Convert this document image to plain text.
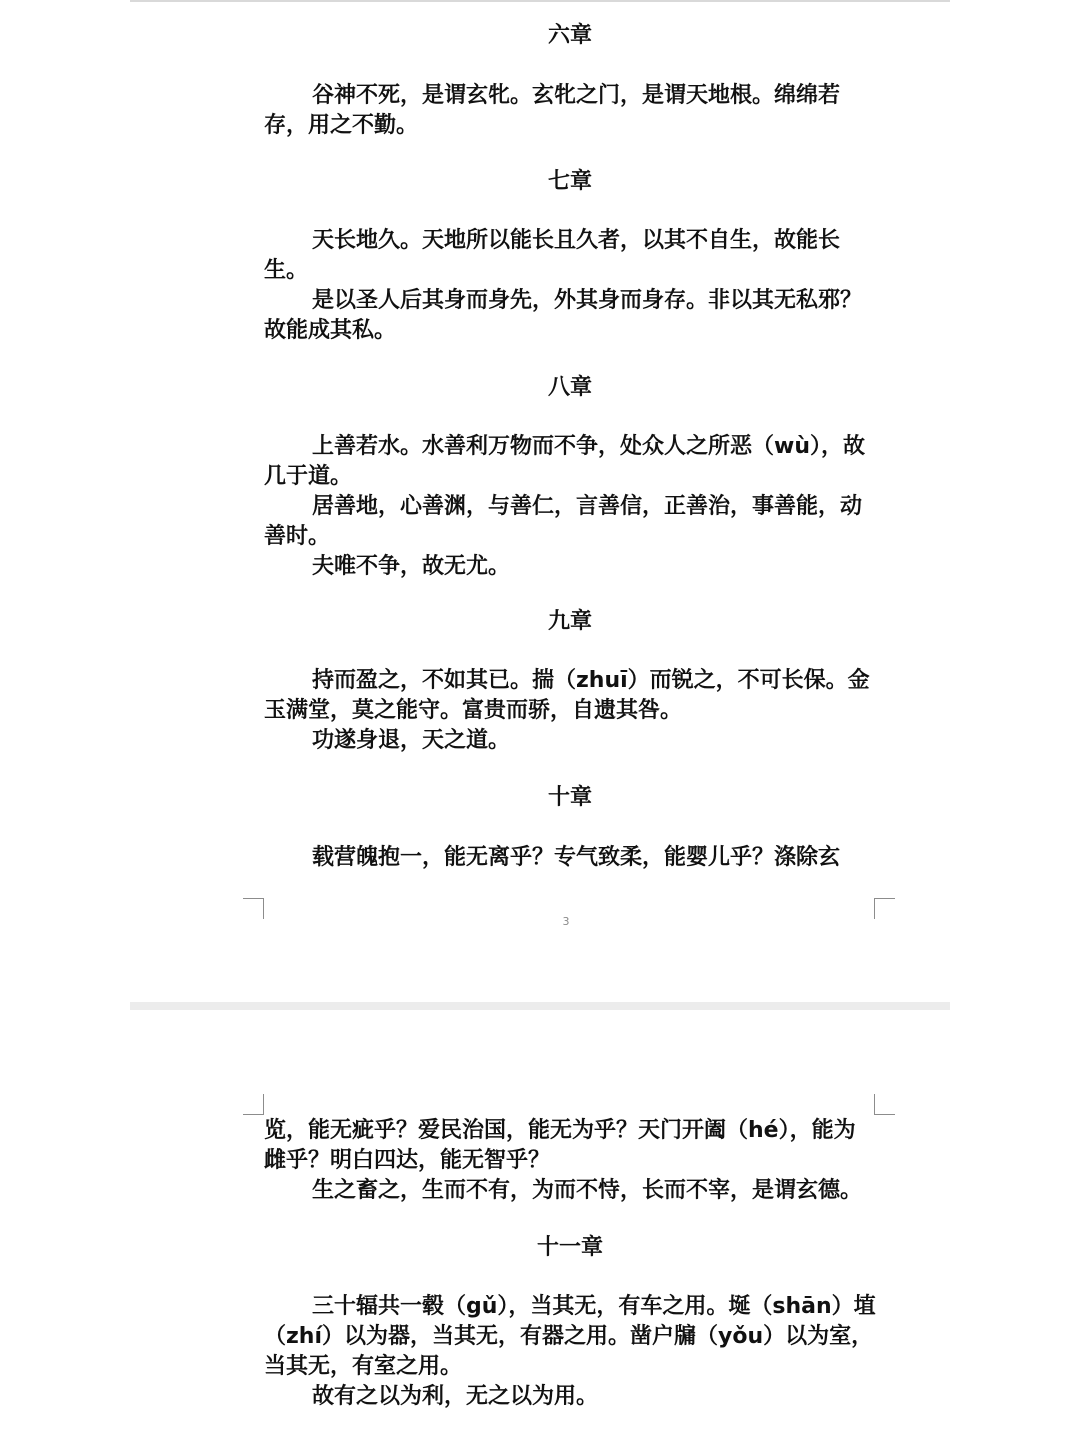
六章

谷神不死，是谓玄牝。玄牝之门，是谓天地根。绵绵若存，用之不勤。

七章

天长地久。天地所以能长且久者，以其不自生，故能长生。

是以圣人后其身而身先，外其身而身存。非以其无私邪？故能成其私。

八章

上善若水。水善利万物而不争，处众人之所恶（wù），故几于道。

居善地，心善渊，与善仁，言善信，正善治，事善能，动善时。

夫唯不争，故无尤。

九章

持而盈之，不如其已。揣（zhuī）而锐之，不可长保。金玉满堂，莫之能守。富贵而骄，自遗其咎。

功遂身退，天之道。

十章

载营魄抱一，能无离乎？专气致柔，能婴儿乎？涤除玄

3

览，能无疵乎？爱民治国，能无为乎？天门开阖（hé），能为雌乎？明白四达，能无智乎？

生之畜之，生而不有，为而不恃，长而不宰，是谓玄德。

十一章

三十辐共一毂（gǔ），当其无，有车之用。埏（shān）埴（zhí）以为器，当其无，有器之用。凿户牖（yǒu）以为室，当其无，有室之用。

故有之以为利，无之以为用。
